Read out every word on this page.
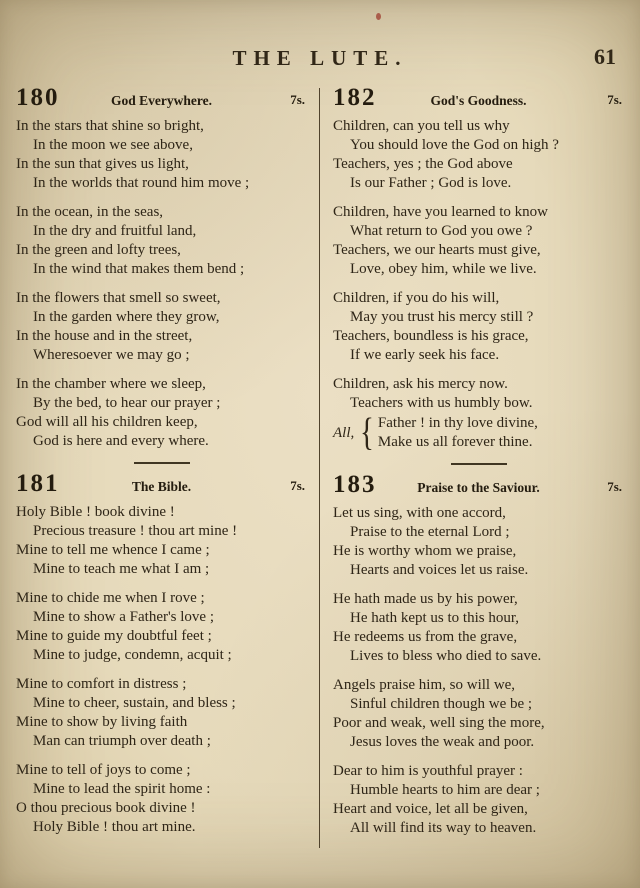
THE LUTE.	61
180	$_{God Everywhere.}$	7s.
In the stars that shine so bright,
In the moon we see above,
In the sun that gives us light,
In the worlds that round him move ;
In the ocean, in the seas,
In the dry and fruitful land,
In the green and lofty trees,
In the wind that makes them bend ;
In the flowers that smell so sweet,
In the garden where they grow,
In the house and in the street,
Wheresoever we may go ;
In the chamber where we sleep,
By the bed, to hear our prayer ;
God will all his children keep,
God is here and every where.
181	$_{The Bible.}$	7s.
Holy Bible ! book divine !
Precious treasure ! thou art mine !
Mine to tell me whence I came ;
Mine to teach me what I am ;
Mine to chide me when I rove ;
Mine to show a Father's love ;
Mine to guide my doubtful feet ;
Mine to judge, condemn, acquit ;
Mine to comfort in distress ;
Mine to cheer, sustain, and bless ;
Mine to show by living faith
Man can triumph over death ;
Mine to tell of joys to come ;
Mine to lead the spirit home :
O thou precious book divine !
Holy Bible ! thou art mine.
182	$_{God's Goodness.}$	7s.
Children, can you tell us why
You should love the God on high ?
Teachers, yes ; the God above
Is our Father ; God is love.
Children, have you learned to know
What return to God you owe ?
Teachers, we our hearts must give,
Love, obey him, while we live.
Children, if you do his will,
May you trust his mercy still ?
Teachers, boundless is his grace,
If we early seek his face.
Children, ask his mercy now.
Teachers with us humbly bow.
All, { Father ! in thy love divine,
Make us all forever thine.
183	$_{Praise to the Saviour.}$	7s.
Let us sing, with one accord,
Praise to the eternal Lord ;
He is worthy whom we praise,
Hearts and voices let us raise.
He hath made us by his power,
He hath kept us to this hour,
He redeems us from the grave,
Lives to bless who died to save.
Angels praise him, so will we,
Sinful children though we be ;
Poor and weak, well sing the more,
Jesus loves the weak and poor.
Dear to him is youthful prayer :
Humble hearts to him are dear ;
Heart and voice, let all be given,
All will find its way to heaven.
